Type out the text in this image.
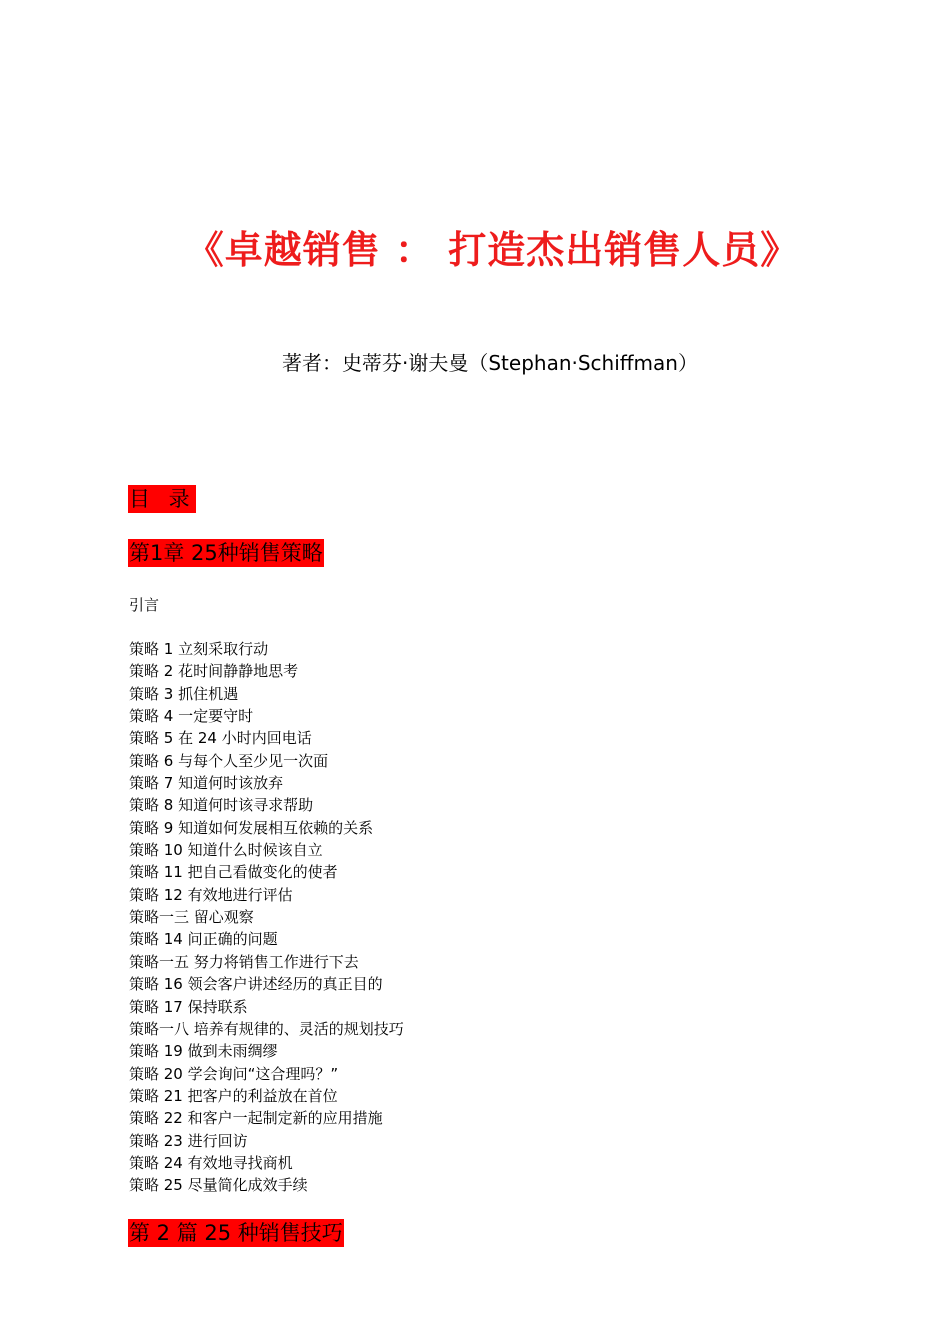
《卓越销售 ： 打造杰出销售人员》
著者：史蒂芬·谢夫曼（Stephan·Schiffman）
目 录
第1章 25种销售策略
引言
策略 1 立刻采取行动
策略 2 花时间静静地思考
策略 3 抓住机遇
策略 4 一定要守时
策略 5 在 24 小时内回电话
策略 6 与每个人至少见一次面
策略 7 知道何时该放弃
策略 8 知道何时该寻求帮助
策略 9 知道如何发展相互依赖的关系
策略 10 知道什么时候该自立
策略 11 把自己看做变化的使者
策略 12 有效地进行评估
策略一三 留心观察
策略 14 问正确的问题
策略一五 努力将销售工作进行下去
策略 16 领会客户讲述经历的真正目的
策略 17 保持联系
策略一八 培养有规律的、灵活的规划技巧
策略 19 做到未雨绸缪
策略 20 学会询问“这合理吗？”
策略 21 把客户的利益放在首位
策略 22 和客户一起制定新的应用措施
策略 23 进行回访
策略 24 有效地寻找商机
策略 25 尽量简化成效手续
第 2 篇 25 种销售技巧
